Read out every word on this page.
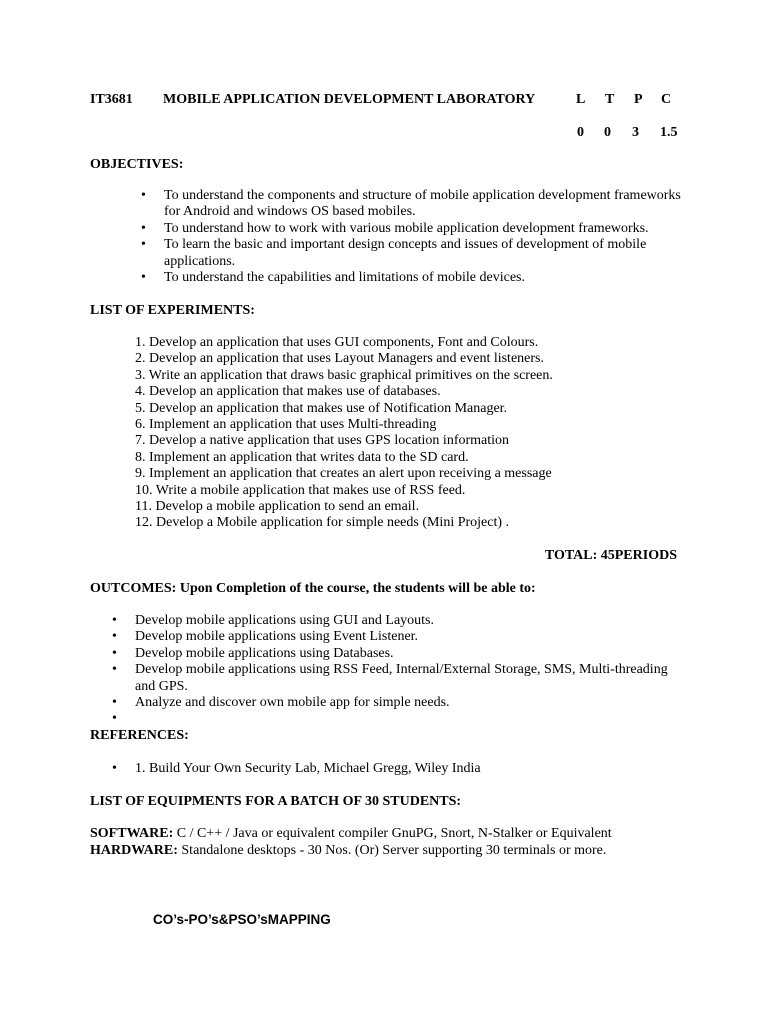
IT3681 MOBILE APPLICATION DEVELOPMENT LABORATORY	L T P C
0 0 3 1.5
OBJECTIVES:
• To understand the components and structure of mobile application development frameworks
for Android and windows OS based mobiles.
• To understand how to work with various mobile application development frameworks.
• To learn the basic and important design concepts and issues of development of mobile
applications.
• To understand the capabilities and limitations of mobile devices.
LIST OF EXPERIMENTS:
1. Develop an application that uses GUI components, Font and Colours.
2. Develop an application that uses Layout Managers and event listeners.
3. Write an application that draws basic graphical primitives on the screen.
4. Develop an application that makes use of databases.
5. Develop an application that makes use of Notification Manager.
6. Implement an application that uses Multi-threading
7. Develop a native application that uses GPS location information
8. Implement an application that writes data to the SD card.
9. Implement an application that creates an alert upon receiving a message
10. Write a mobile application that makes use of RSS feed.
11. Develop a mobile application to send an email.
12. Develop a Mobile application for simple needs (Mini Project) .
TOTAL: 45PERIODS
OUTCOMES: Upon Completion of the course, the students will be able to:
• Develop mobile applications using GUI and Layouts.
• Develop mobile applications using Event Listener.
• Develop mobile applications using Databases.
• Develop mobile applications using RSS Feed, Internal/External Storage, SMS, Multi-threading
and GPS.
• Analyze and discover own mobile app for simple needs.
•
REFERENCES:
• 1. Build Your Own Security Lab, Michael Gregg, Wiley India
LIST OF EQUIPMENTS FOR A BATCH OF 30 STUDENTS:
SOFTWARE: C / C++ / Java or equivalent compiler GnuPG, Snort, N-Stalker or Equivalent
HARDWARE: Standalone desktops - 30 Nos. (Or) Server supporting 30 terminals or more.
CO’s-PO’s&PSO’sMAPPING
